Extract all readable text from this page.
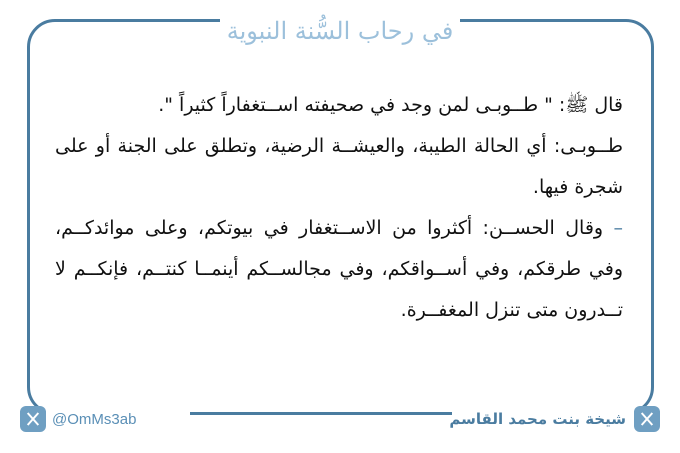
في رحاب السُّنة النبوية

قال ﷺ: " طــوبـى لمن وجد في صحيفته اســتغفاراً كثيراً ".

طــوبـى: أي الحالة الطيبة، والعيشــة الرضية، وتطلق على الجنة أو على شجرة فيها.

– وقال الحســن: أكثروا من الاســتغفار في بيوتكم، وعلى موائدكــم، وفي طرقكم، وفي أســواقكم، وفي مجالســكم أينمــا كنتــم، فإنكــم لا تــدرون متى تنزل المغفــرة.

@OmMs3ab	شيخة بنت محمد القاسم
